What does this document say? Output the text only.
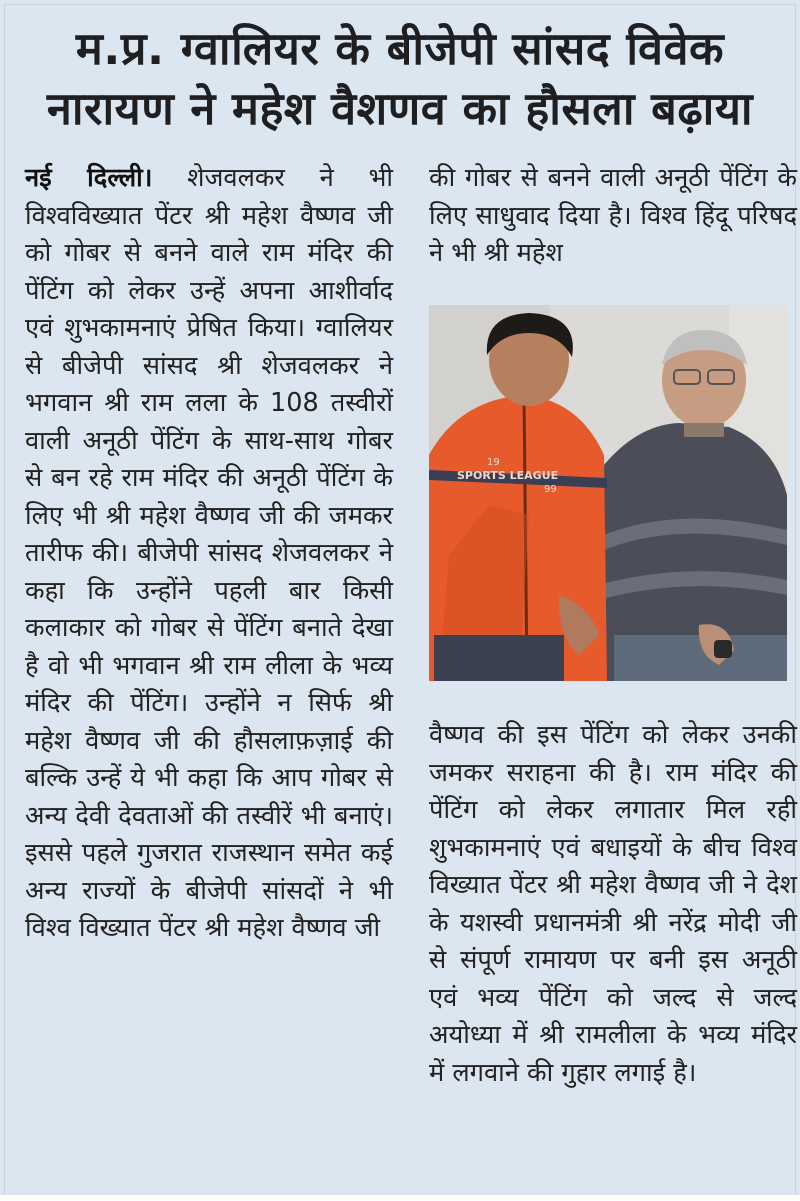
म.प्र. ग्वालियर के बीजेपी सांसद विवेक
नारायण ने महेश वैशणव का हौसला बढ़ाया
नई दिल्ली। शेजवलकर ने भी विश्वविख्यात पेंटर श्री महेश वैष्णव जी को गोबर से बनने वाले राम मंदिर की पेंटिंग को लेकर उन्हें अपना आशीर्वाद एवं शुभकामनाएं प्रेषित किया। ग्वालियर से बीजेपी सांसद श्री शेजवलकर ने भगवान श्री राम लला के 108 तस्वीरों वाली अनूठी पेंटिंग के साथ-साथ गोबर से बन रहे राम मंदिर की अनूठी पेंटिंग के लिए भी श्री महेश वैष्णव जी की जमकर तारीफ की। बीजेपी सांसद शेजवलकर ने कहा कि उन्होंने पहली बार किसी कलाकार को गोबर से पेंटिंग बनाते देखा है वो भी भगवान श्री राम लीला के भव्य मंदिर की पेंटिंग। उन्होंने न सिर्फ श्री महेश वैष्णव जी की हौसलाफ़ज़ाई की बल्कि उन्हें ये भी कहा कि आप गोबर से अन्य देवी देवताओं की तस्वीरें भी बनाएं। इससे पहले गुजरात राजस्थान समेत कई अन्य राज्यों के बीजेपी सांसदों ने भी विश्व विख्यात पेंटर श्री महेश वैष्णव जी
की गोबर से बनने वाली अनूठी पेंटिंग के लिए साधुवाद दिया है। विश्व हिंदू परिषद ने भी श्री महेश
19
SPORTS LEAGUE
99
वैष्णव की इस पेंटिंग को लेकर उनकी जमकर सराहना की है। राम मंदिर की पेंटिंग को लेकर लगातार मिल रही शुभकामनाएं एवं बधाइयों के बीच विश्व विख्यात पेंटर श्री महेश वैष्णव जी ने देश के यशस्वी प्रधानमंत्री श्री नरेंद्र मोदी जी से संपूर्ण रामायण पर बनी इस अनूठी एवं भव्य पेंटिंग को जल्द से जल्द अयोध्या में श्री रामलीला के भव्य मंदिर में लगवाने की गुहार लगाई है।
